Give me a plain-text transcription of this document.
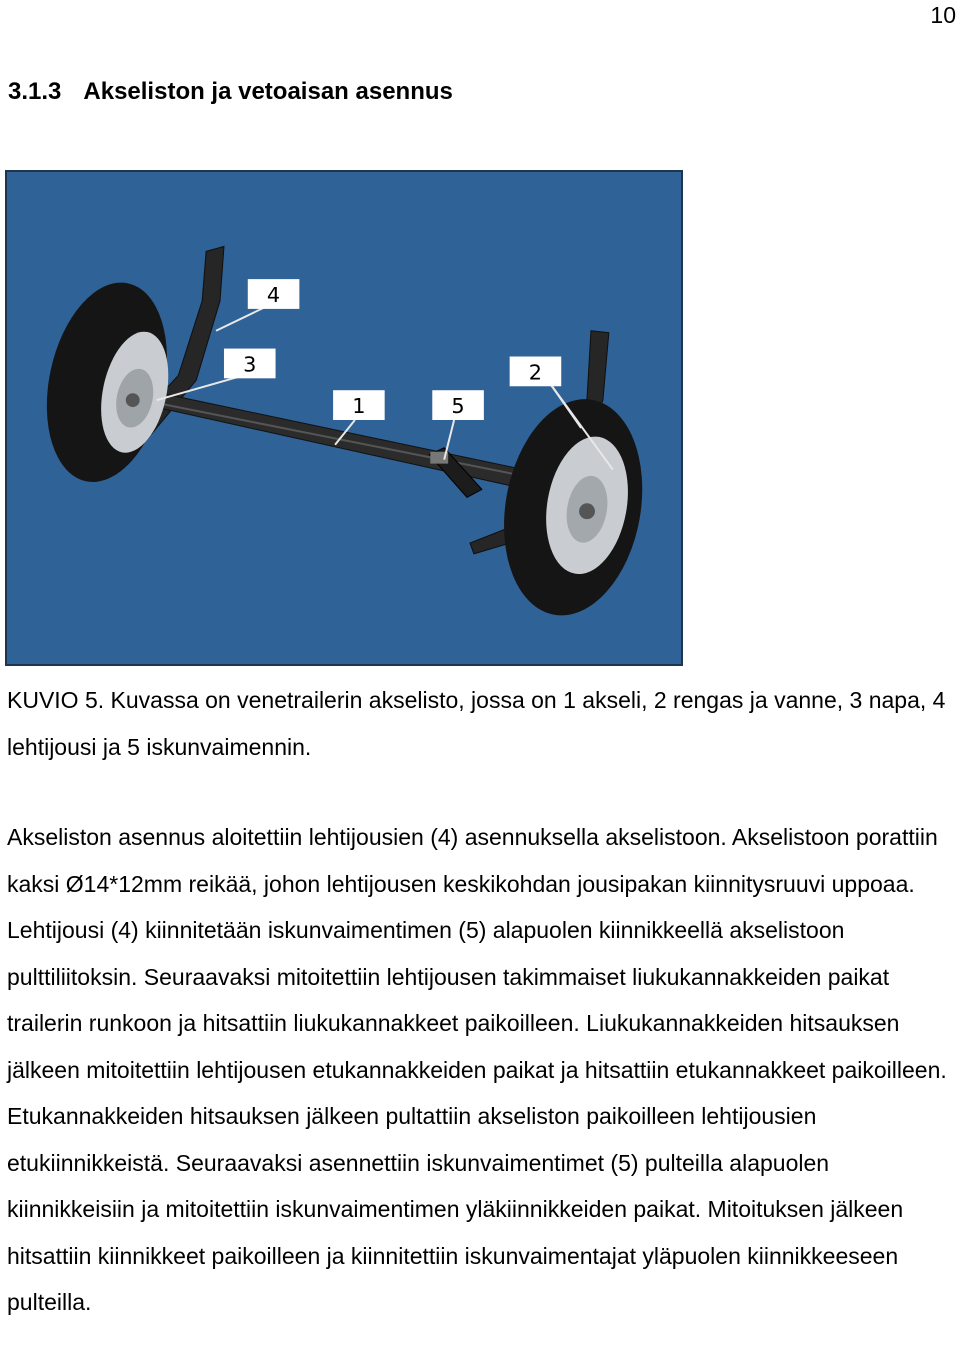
10
3.1.3 Akseliston ja vetoaisan asennus
4
3
1	5
2

KUVIO 5. Kuvassa on venetrailerin akselisto, jossa on 1 akseli, 2 rengas ja vanne, 3 napa, 4 lehtijousi ja 5 iskunvaimennin.

Akseliston asennus aloitettiin lehtijousien (4) asennuksella akselistoon. Akselistoon porattiin kaksi Ø14*12mm reikää, johon lehtijousen keskikohdan jousipakan kiinnitysruuvi uppoaa. Lehtijousi (4) kiinnitetään iskunvaimentimen (5) alapuolen kiinnikkeellä akselistoon pulttiliitoksin. Seuraavaksi mitoitettiin lehtijousen takimmaiset liukukannakkeiden paikat trailerin runkoon ja hitsattiin liukukannakkeet paikoilleen. Liukukannakkeiden hitsauksen jälkeen mitoitettiin lehtijousen etukannakkeiden paikat ja hitsattiin etukannakkeet paikoilleen. Etukannakkeiden hitsauksen jälkeen pultattiin akseliston paikoilleen lehtijousien etukiinnikkeistä. Seuraavaksi asennettiin iskunvaimentimet (5) pulteilla alapuolen kiinnikkeisiin ja mitoitettiin iskunvaimentimen yläkiinnikkeiden paikat. Mitoituksen jälkeen hitsattiin kiinnikkeet paikoilleen ja kiinnitettiin iskunvaimentajat yläpuolen kiinnikkeeseen pulteilla.
